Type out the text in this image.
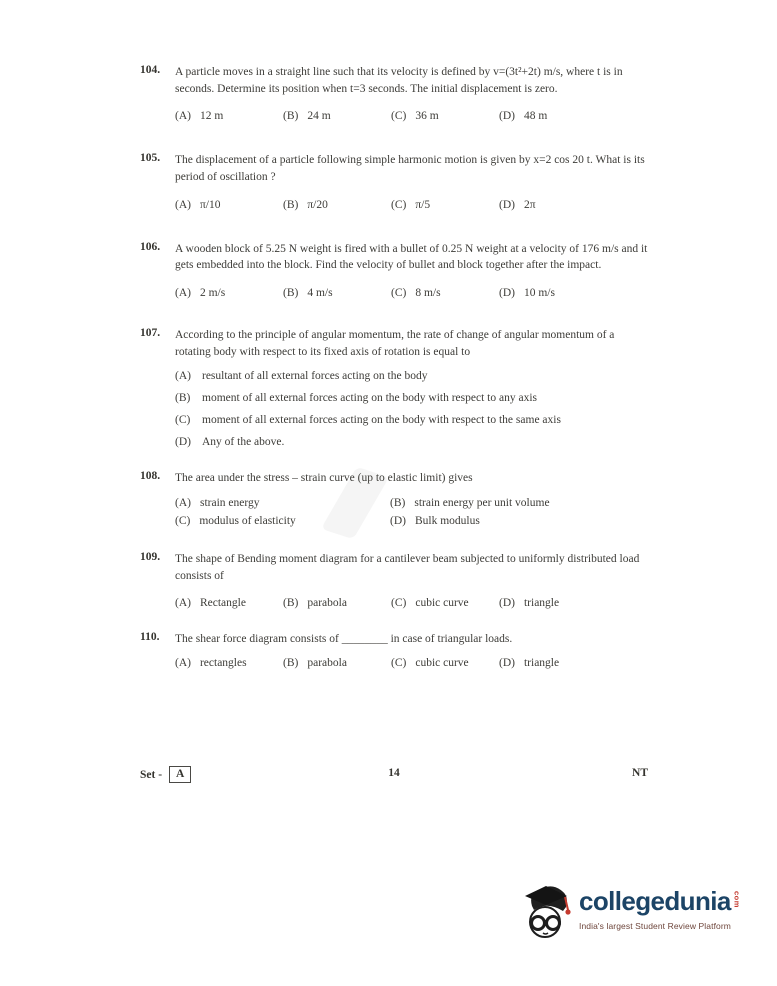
104.	A particle moves in a straight line such that its velocity is defined by v=(3t²+2t) m/s, where t is in seconds. Determine its position when t=3 seconds. The initial displacement is zero.
(A) 12 m	(B) 24 m	(C) 36 m	(D) 48 m
105.	The displacement of a particle following simple harmonic motion is given by x=2 cos 20 t. What is its period of oscillation ?
(A) π/10	(B) π/20	(C) π/5	(D) 2π
106.	A wooden block of 5.25 N weight is fired with a bullet of 0.25 N weight at a velocity of 176 m/s and it gets embedded into the block. Find the velocity of bullet and block together after the impact.
(A) 2 m/s	(B) 4 m/s	(C) 8 m/s	(D) 10 m/s
107.	According to the principle of angular momentum, the rate of change of angular momentum of a rotating body with respect to its fixed axis of rotation is equal to
(A) resultant of all external forces acting on the body
(B)	moment of all external forces acting on the body with respect to any axis
(C)	moment of all external forces acting on the body with respect to the same axis
(D) Any of the above.
108.	The area under the stress – strain curve (up to elastic limit) gives
(A) strain energy	(B) strain energy per unit volume
(C) modulus of elasticity	(D) Bulk modulus
109.	The shape of Bending moment diagram for a cantilever beam subjected to uniformly distributed load consists of
(A) Rectangle	(B) parabola	(C) cubic curve	(D) triangle
110.	The shear force diagram consists of ________ in case of triangular loads.
(A) rectangles	(B) parabola	(C) cubic curve	(D) triangle
Set -	A	14	NT
collegedunia com
India's largest Student Review Platform
